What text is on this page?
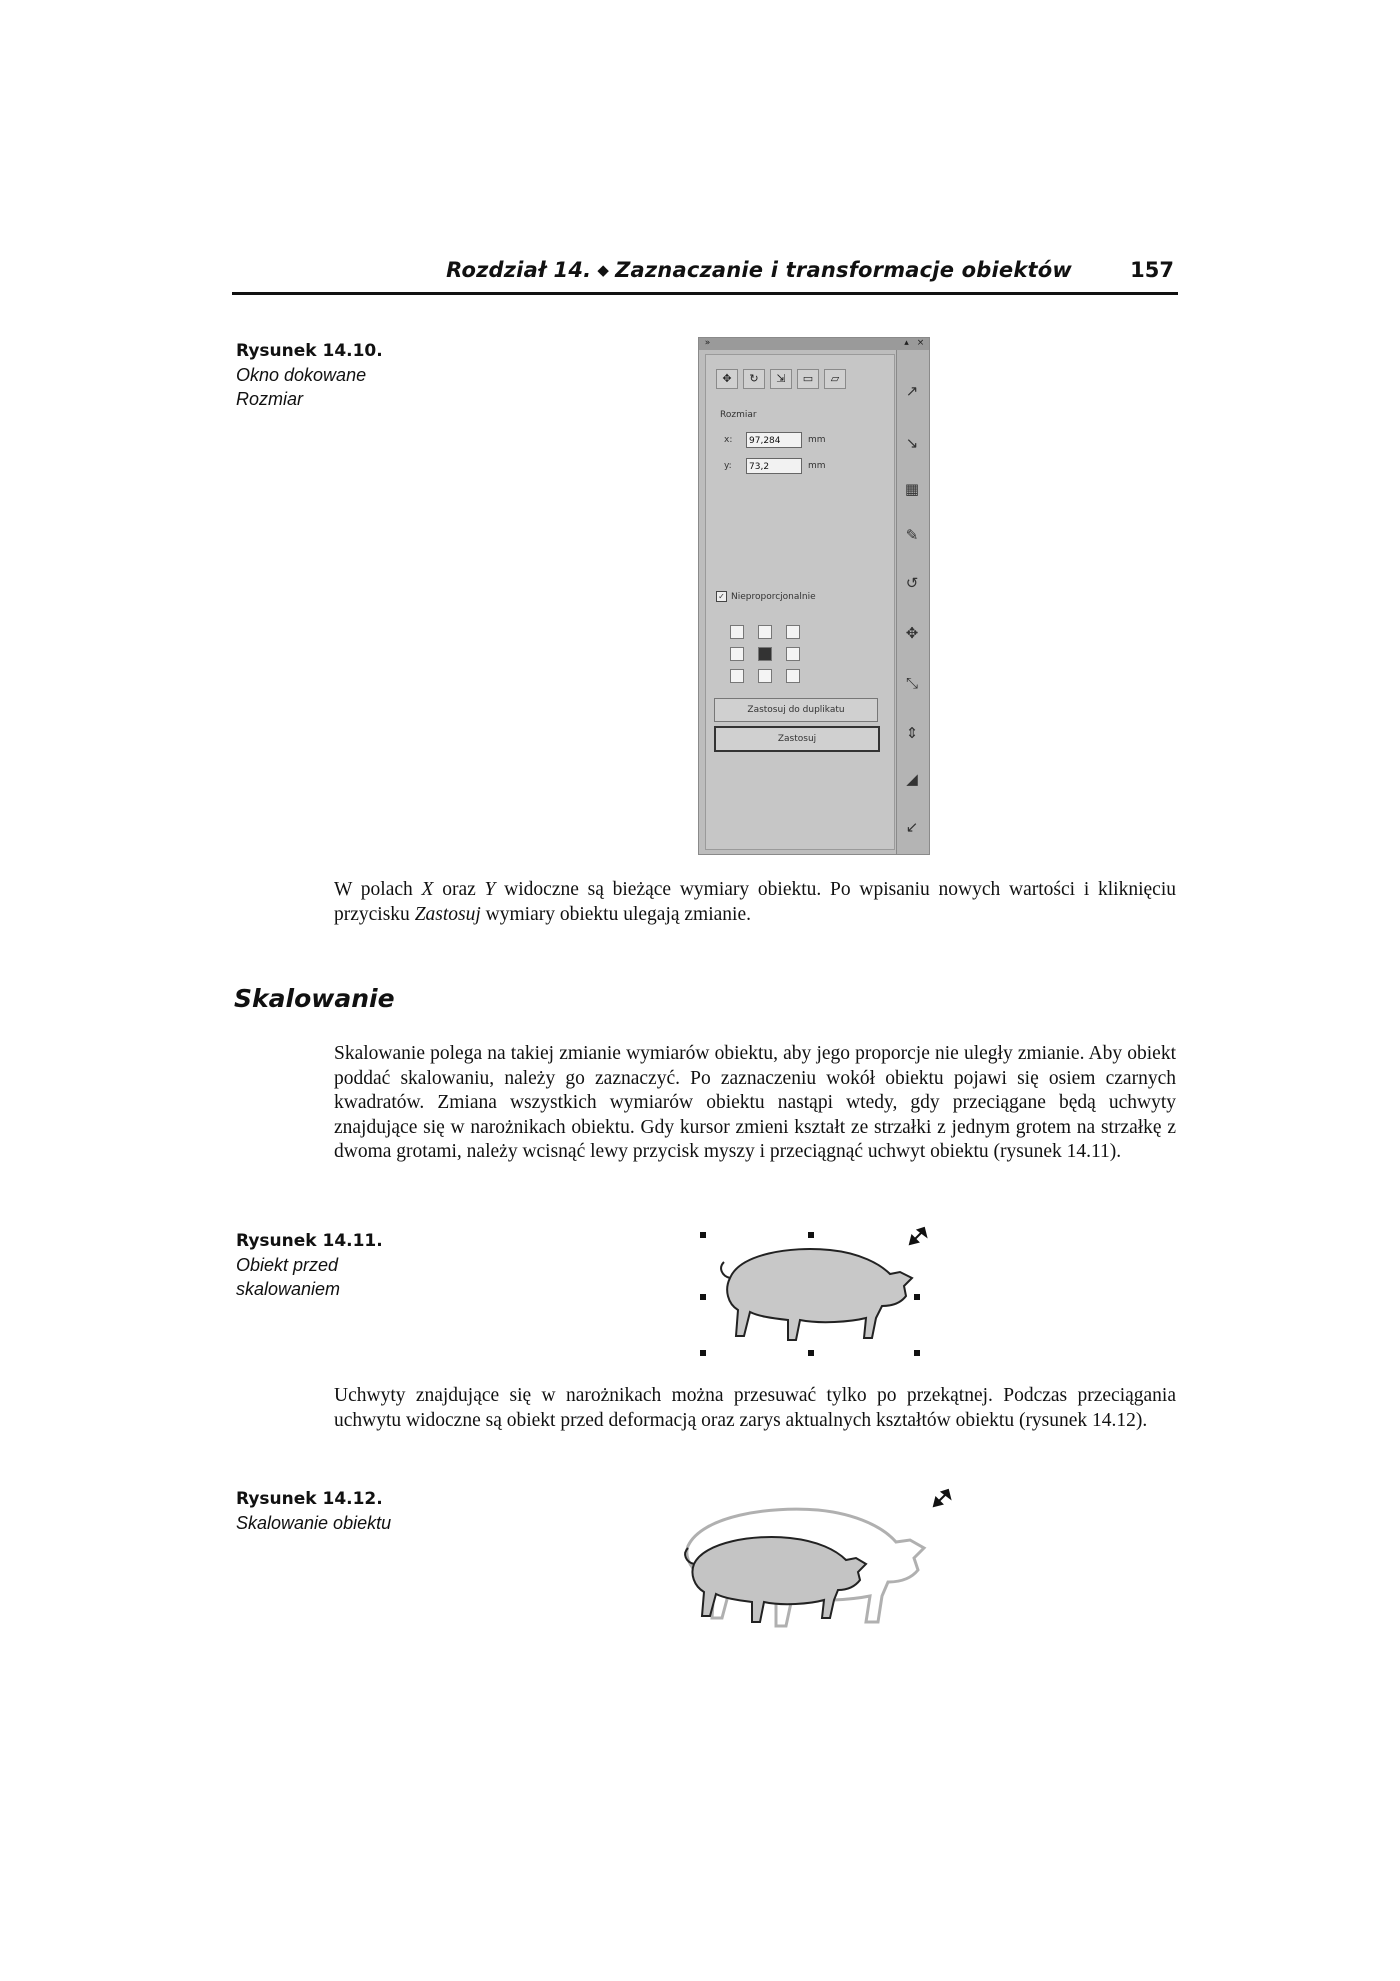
Rozdział 14. ◆ Zaznaczanie i transformacje obiektów	157
Rysunek 14.10.
Okno dokowane
Rozmiar
»	▴ ×
✥ ↻ ⇲ ▭ ▱
Rozmiar
x:	97,284	mm
y:	73,2	mm
✓ Nieproporcjonalnie
Zastosuj do duplikatu
Zastosuj
↗
↘
▦
✎
↺
✥
⤡
⇕
◢
↙
W polach X oraz Y widoczne są bieżące wymiary obiektu. Po wpisaniu nowych wartości i kliknięciu przycisku Zastosuj wymiary obiektu ulegają zmianie.
Skalowanie
Skalowanie polega na takiej zmianie wymiarów obiektu, aby jego proporcje nie uległy zmianie. Aby obiekt poddać skalowaniu, należy go zaznaczyć. Po zaznaczeniu wokół obiektu pojawi się osiem czarnych kwadratów. Zmiana wszystkich wymiarów obiektu nastąpi wtedy, gdy przeciągane będą uchwyty znajdujące się w narożnikach obiektu. Gdy kursor zmieni kształt ze strzałki z jednym grotem na strzałkę z dwoma grotami, należy wcisnąć lewy przycisk myszy i przeciągnąć uchwyt obiektu (rysunek 14.11).
Rysunek 14.11.
Obiekt przed
skalowaniem
Uchwyty znajdujące się w narożnikach można przesuwać tylko po przekątnej. Podczas przeciągania uchwytu widoczne są obiekt przed deformacją oraz zarys aktualnych kształtów obiektu (rysunek 14.12).
Rysunek 14.12.
Skalowanie obiektu
